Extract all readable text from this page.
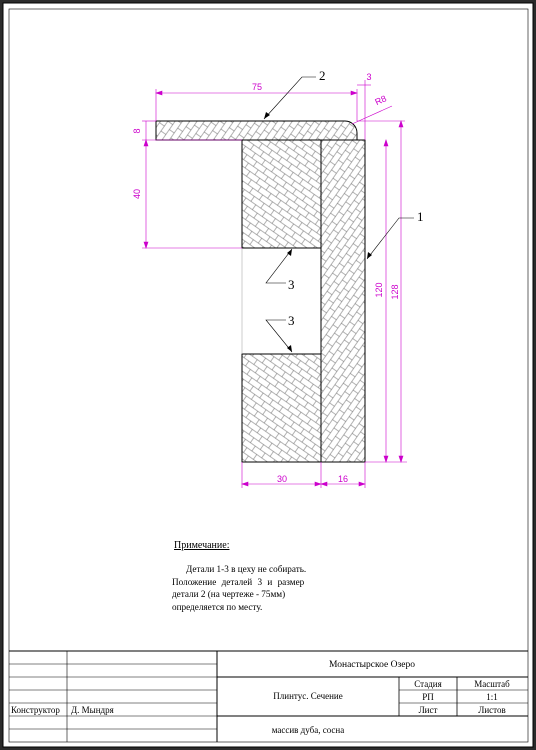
75
3
R8
8
40
120 128
30	16
2
1
3
3
Монастырское Озеро
Плинтус. Сечение
массив дуба, сосна
Стадия
РП
Масштаб
1:1
Лист	Листов
Конструктор Д. Мындря
Примечание:
Детали 1-3 в цеху не собирать.
Положение деталей 3 и размер
детали 2 (на чертеже - 75мм)
определяется по месту.
